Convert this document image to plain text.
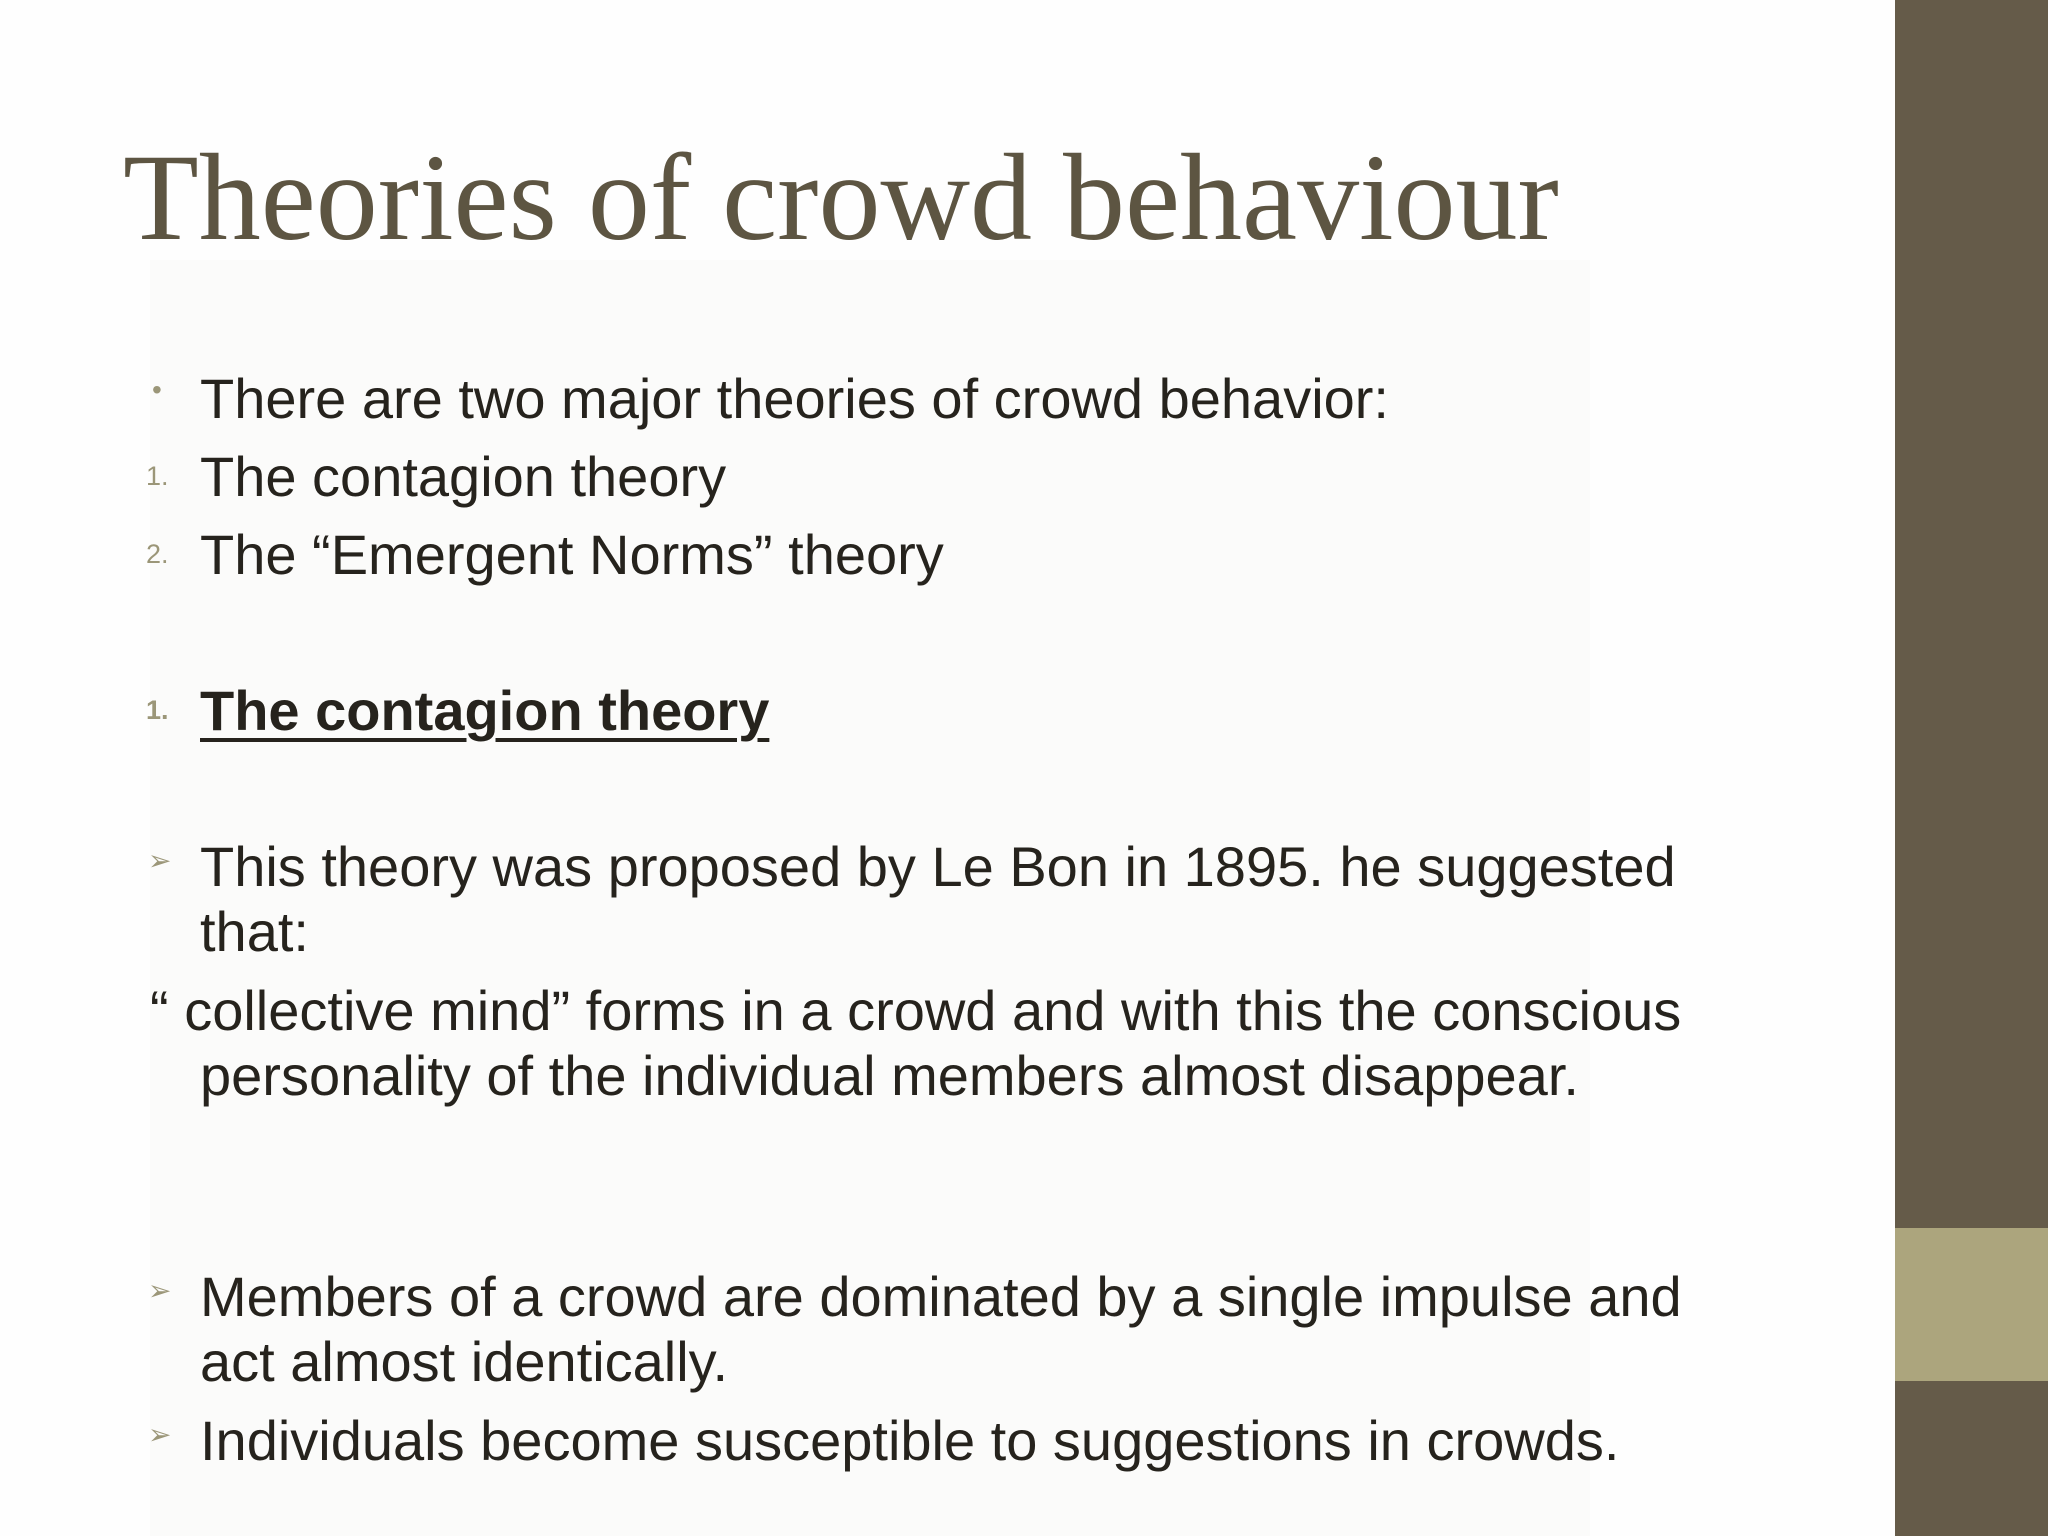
Theories of crowd behaviour

• There are two major theories of crowd behavior:

1. The contagion theory

2. The “Emergent Norms” theory

1. The contagion theory

➢ This theory was proposed by Le Bon in 1895. he suggested that:

“ collective mind” forms in a crowd and with this the conscious personality of the individual members almost disappear.

➢ Members of a crowd are dominated by a single impulse and act almost identically.

➢ Individuals become susceptible to suggestions in crowds.
